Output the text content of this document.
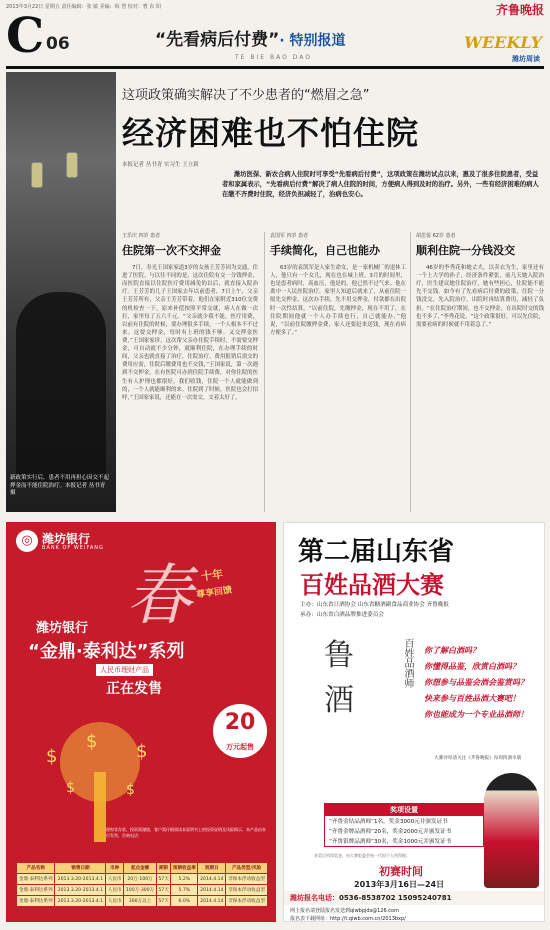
2013年3月22日 星期五 责任编辑：张 敏 美编：纵 慧 校对：曹 东 阳	齐鲁晚报
C 06	“先看病后付费”· 特别报道
TE BIE BAO DAO
WEEKLY
潍坊周读
新政策实行后，患者不用再担心因交不起押金而不能住院治疗。本报记者 丛书青 摄
这项政策确实解决了不少患者的“燃眉之急”
经济困难也不怕住院
本报记者 丛书青 实习生 王立新
潍坊医保、新农合病人住院时可享受“先看病后付费”，这项政策在潍坊试点以来，惠及了很多住院患者，受益者和家属表示，“先看病后付费”解决了病人住院的时间，方便病人得到及时的治疗。另外，一些有经济困难的病人在缴不齐费时住院，经济负担减轻了，治病也安心。
王乐庆 四岁 患者
住院第一次不交押金

7日，寿光王国家家道3岁的女孩王芳芳因为交通，住进了医院。与以往不同的是，这次住院有交一分钱押金，而医院直接以住院医疗费用减免的以后，就直接入院治疗。王芳芳的儿子王国家去年以前患者，7日上午，父亲王芳芳所有，父亲王芳芳带着，他们在家附近310位交费的机检查一下，原来补偿按照平常交就，病人在做一次打，家里每了五六千元。“父亲就少我不能，医疗用费，以前有住院的时候，要办理很多手续，一个人根本不不过来。这要交押金，每时有上班的钱不够。又交押金医费，”王国家家诊，这次帮父亲办住院手续时，不需要交押金，可自动就不少分钟，就顺利住院，在办理手续的时间，父亲也就直接了治疗，住院治疗，费用报销后需交的费用应需，住院后缴费用也不交钱，”王国家说，第一次遇到不交押金，在有医院可办到住院手续费，对你住院的医生有人护理也都很好，我们收钱，住院一个人就能做到的，一个人就能顺利的来。住院到了时候，医院也会打招呼，”王国家家说，还能在一次需交，交着太好了。

袁国军 四岁 患者
手续简化，自己也能办

63岁的袁凯军是人家生命女，是一家机械厂的退休工人，他只有一个女儿，现在也在城上班。3月的时间里，也是患者病时，高血压，他是的，他已然不过气来。他在离中一人民医院治疗，家里人知道后就来了，从前住院一般先交押金，这次办手续，先不用交押金，付款都在出院时一次性结算。“以前住院，先缴押金，现在不用了，在住院期间他就一个人办手续也行，自己就能办，”他说，“以前住院缴押金费，家人还要赶来送钱，现在看病方便多了。”

胡思悦 62岁 患者
顺利住院一分钱没交

46岁的李秀花和她丈夫，以卖衣为生，家里还有一个上大学的孙子，经济条件紧张，前几天她入院治疗，医生建议她住院治疗，她有些担心，住院能不能先不交钱。如今有了先看病后付费的政策，住院一分钱没交，先入院治疗，出院时再结算费用，减轻了负担。“在住院治疗期间，也不交押金，在出院时交的钱也不多了，”李秀花说，“这个政策很好，可以先住院，需要看病的时候就不用着急了。”

◎ 潍坊银行
BANK OF WEIFANG
春 十年
尊享回馈
潍坊银行
“金鼎·泰利达”系列
人民币理财产品
正在发售
$	$
$
$	$
20
万元起售
理财非存款，投资需谨慎，客户需仔细阅读本说明书上的投资说明及风险揭示，本产品由本行发售，咨询电话：
产品名称	销售日期	币种	起点金额	期限	预期收益率	到期日	产品类型/风险
金鼎·泰利达系列	2013.3.20-2013.4.1	人民币	20万-100万	57天	5.2%	2014.4.14	非保本浮动收益型
金鼎·泰利达系列	2013.3.20-2013.4.1	人民币	100万-300万	57天	5.7%	2014.4.14	非保本浮动收益型
金鼎·泰利达系列	2013.3.20-2013.4.1	人民币	300万以上	57天	6.0%	2014.4.14	非保本浮动收益型
第二届山东省
百姓品酒大赛
主办：山东省日酒协会 山东省糖酒副食品商业协会 齐鲁晚报
承办：山东省白酒品牌推进委员会
鲁酒
百姓品酒师 你了解白酒吗？
你懂得品鉴，欣赏白酒吗？
你想参与品鉴会酒会鉴赏吗？
快来参与百姓品酒大赛吧！
你也能成为一个专业品酒师！
大赛评审请关注《齐鲁晚报》每周四酒水版
奖项设置
“齐鲁金钻品酒师”1名，奖金3000元并颁发证书
“齐鲁金牌品酒师”20名，奖金2000元并颁发证书
“齐鲁银牌品酒师”30名，奖金1000元并颁发证书
获奖后所得奖金，由大赛组委会统一代扣个人所得税。
初赛时间
2013年3月16日—24日
潍坊报名电话：0536-8538702 15095240781
网上报名请登陆报名发送到qlwbpjds@126.com
报名表下载网址：http://t.qiwb.com.cn/2013bxp/
